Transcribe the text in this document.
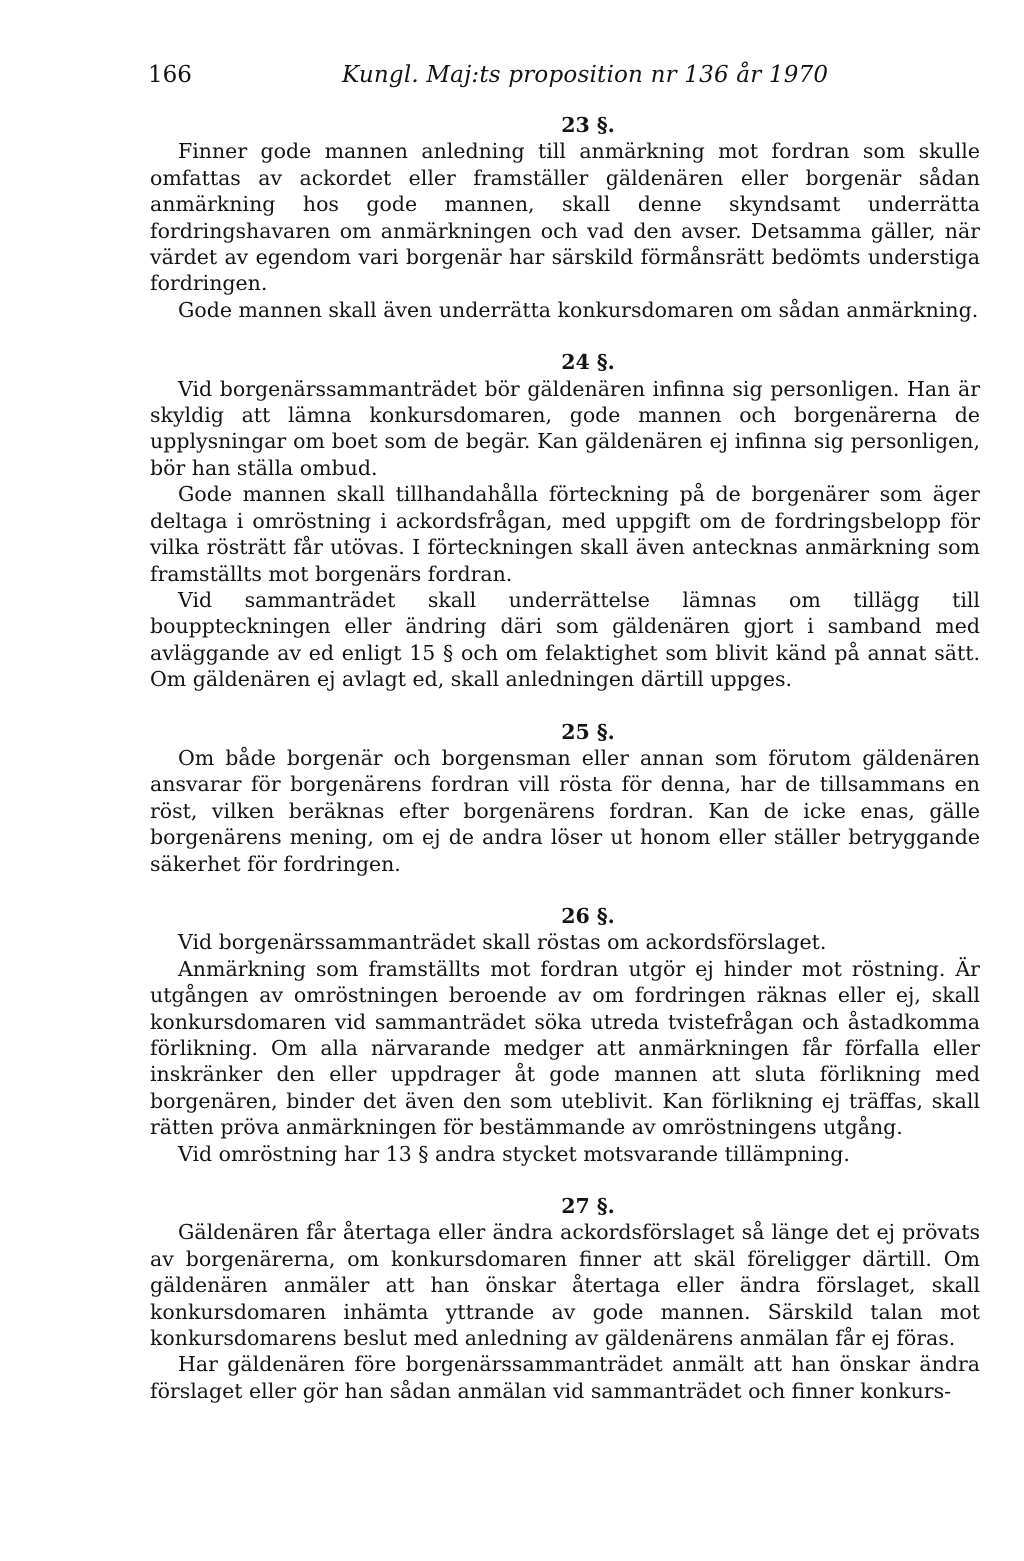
166	Kungl. Maj:ts proposition nr 136 år 1970
23 §.

Finner gode mannen anledning till anmärkning mot fordran som skulle omfattas av ackordet eller framställer gäldenären eller borgenär sådan anmärkning hos gode mannen, skall denne skyndsamt underrätta fordringshavaren om anmärkningen och vad den avser. Detsamma gäller, när värdet av egendom vari borgenär har särskild förmånsrätt bedömts understiga fordringen.

Gode mannen skall även underrätta konkursdomaren om sådan anmärkning.

24 §.

Vid borgenärssammanträdet bör gäldenären infinna sig personligen. Han är skyldig att lämna konkursdomaren, gode mannen och borgenärerna de upplysningar om boet som de begär. Kan gäldenären ej infinna sig personligen, bör han ställa ombud.

Gode mannen skall tillhandahålla förteckning på de borgenärer som äger deltaga i omröstning i ackordsfrågan, med uppgift om de fordringsbelopp för vilka rösträtt får utövas. I förteckningen skall även antecknas anmärkning som framställts mot borgenärs fordran.

Vid sammanträdet skall underrättelse lämnas om tillägg till bouppteckningen eller ändring däri som gäldenären gjort i samband med avläggande av ed enligt 15 § och om felaktighet som blivit känd på annat sätt. Om gäldenären ej avlagt ed, skall anledningen därtill uppges.

25 §.

Om både borgenär och borgensman eller annan som förutom gäldenären ansvarar för borgenärens fordran vill rösta för denna, har de tillsammans en röst, vilken beräknas efter borgenärens fordran. Kan de icke enas, gälle borgenärens mening, om ej de andra löser ut honom eller ställer betryggande säkerhet för fordringen.

26 §.

Vid borgenärssammanträdet skall röstas om ackordsförslaget.

Anmärkning som framställts mot fordran utgör ej hinder mot röstning. Är utgången av omröstningen beroende av om fordringen räknas eller ej, skall konkursdomaren vid sammanträdet söka utreda tvistefrågan och åstadkomma förlikning. Om alla närvarande medger att anmärkningen får förfalla eller inskränker den eller uppdrager åt gode mannen att sluta förlikning med borgenären, binder det även den som uteblivit. Kan förlikning ej träffas, skall rätten pröva anmärkningen för bestämmande av omröstningens utgång.

Vid omröstning har 13 § andra stycket motsvarande tillämpning.

27 §.

Gäldenären får återtaga eller ändra ackordsförslaget så länge det ej prövats av borgenärerna, om konkursdomaren finner att skäl föreligger därtill. Om gäldenären anmäler att han önskar återtaga eller ändra förslaget, skall konkursdomaren inhämta yttrande av gode mannen. Särskild talan mot konkursdomarens beslut med anledning av gäldenärens anmälan får ej föras.

Har gäldenären före borgenärssammanträdet anmält att han önskar ändra förslaget eller gör han sådan anmälan vid sammanträdet och finner konkurs-
